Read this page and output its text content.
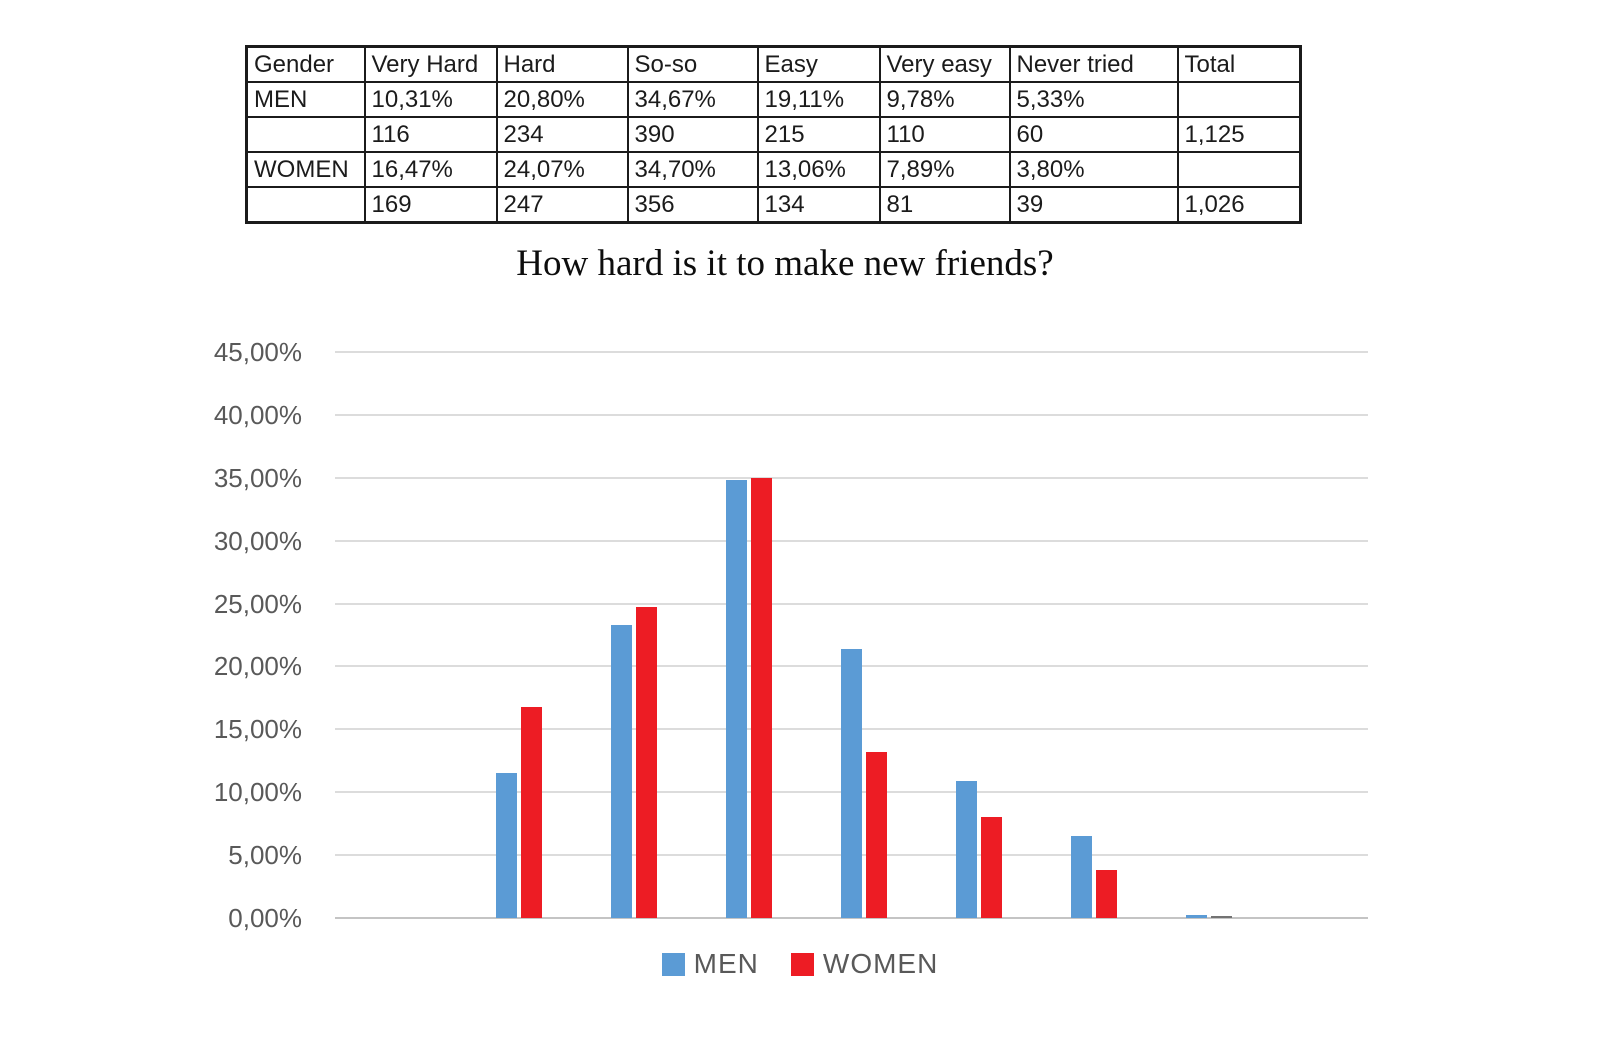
Gender	Very Hard	Hard	So-so	Easy	Very easy	Never tried	Total
MEN	10,31%	20,80%	34,67%	19,11%	9,78%	5,33%	
	116	234	390	215	110	60	1,125
WOMEN	16,47%	24,07%	34,70%	13,06%	7,89%	3,80%	
	169	247	356	134	81	39	1,026
How hard is it to make new friends?
45,00%
40,00%
35,00%
30,00%
25,00%
20,00%
15,00%
10,00%
5,00%
0,00%
MEN WOMEN
